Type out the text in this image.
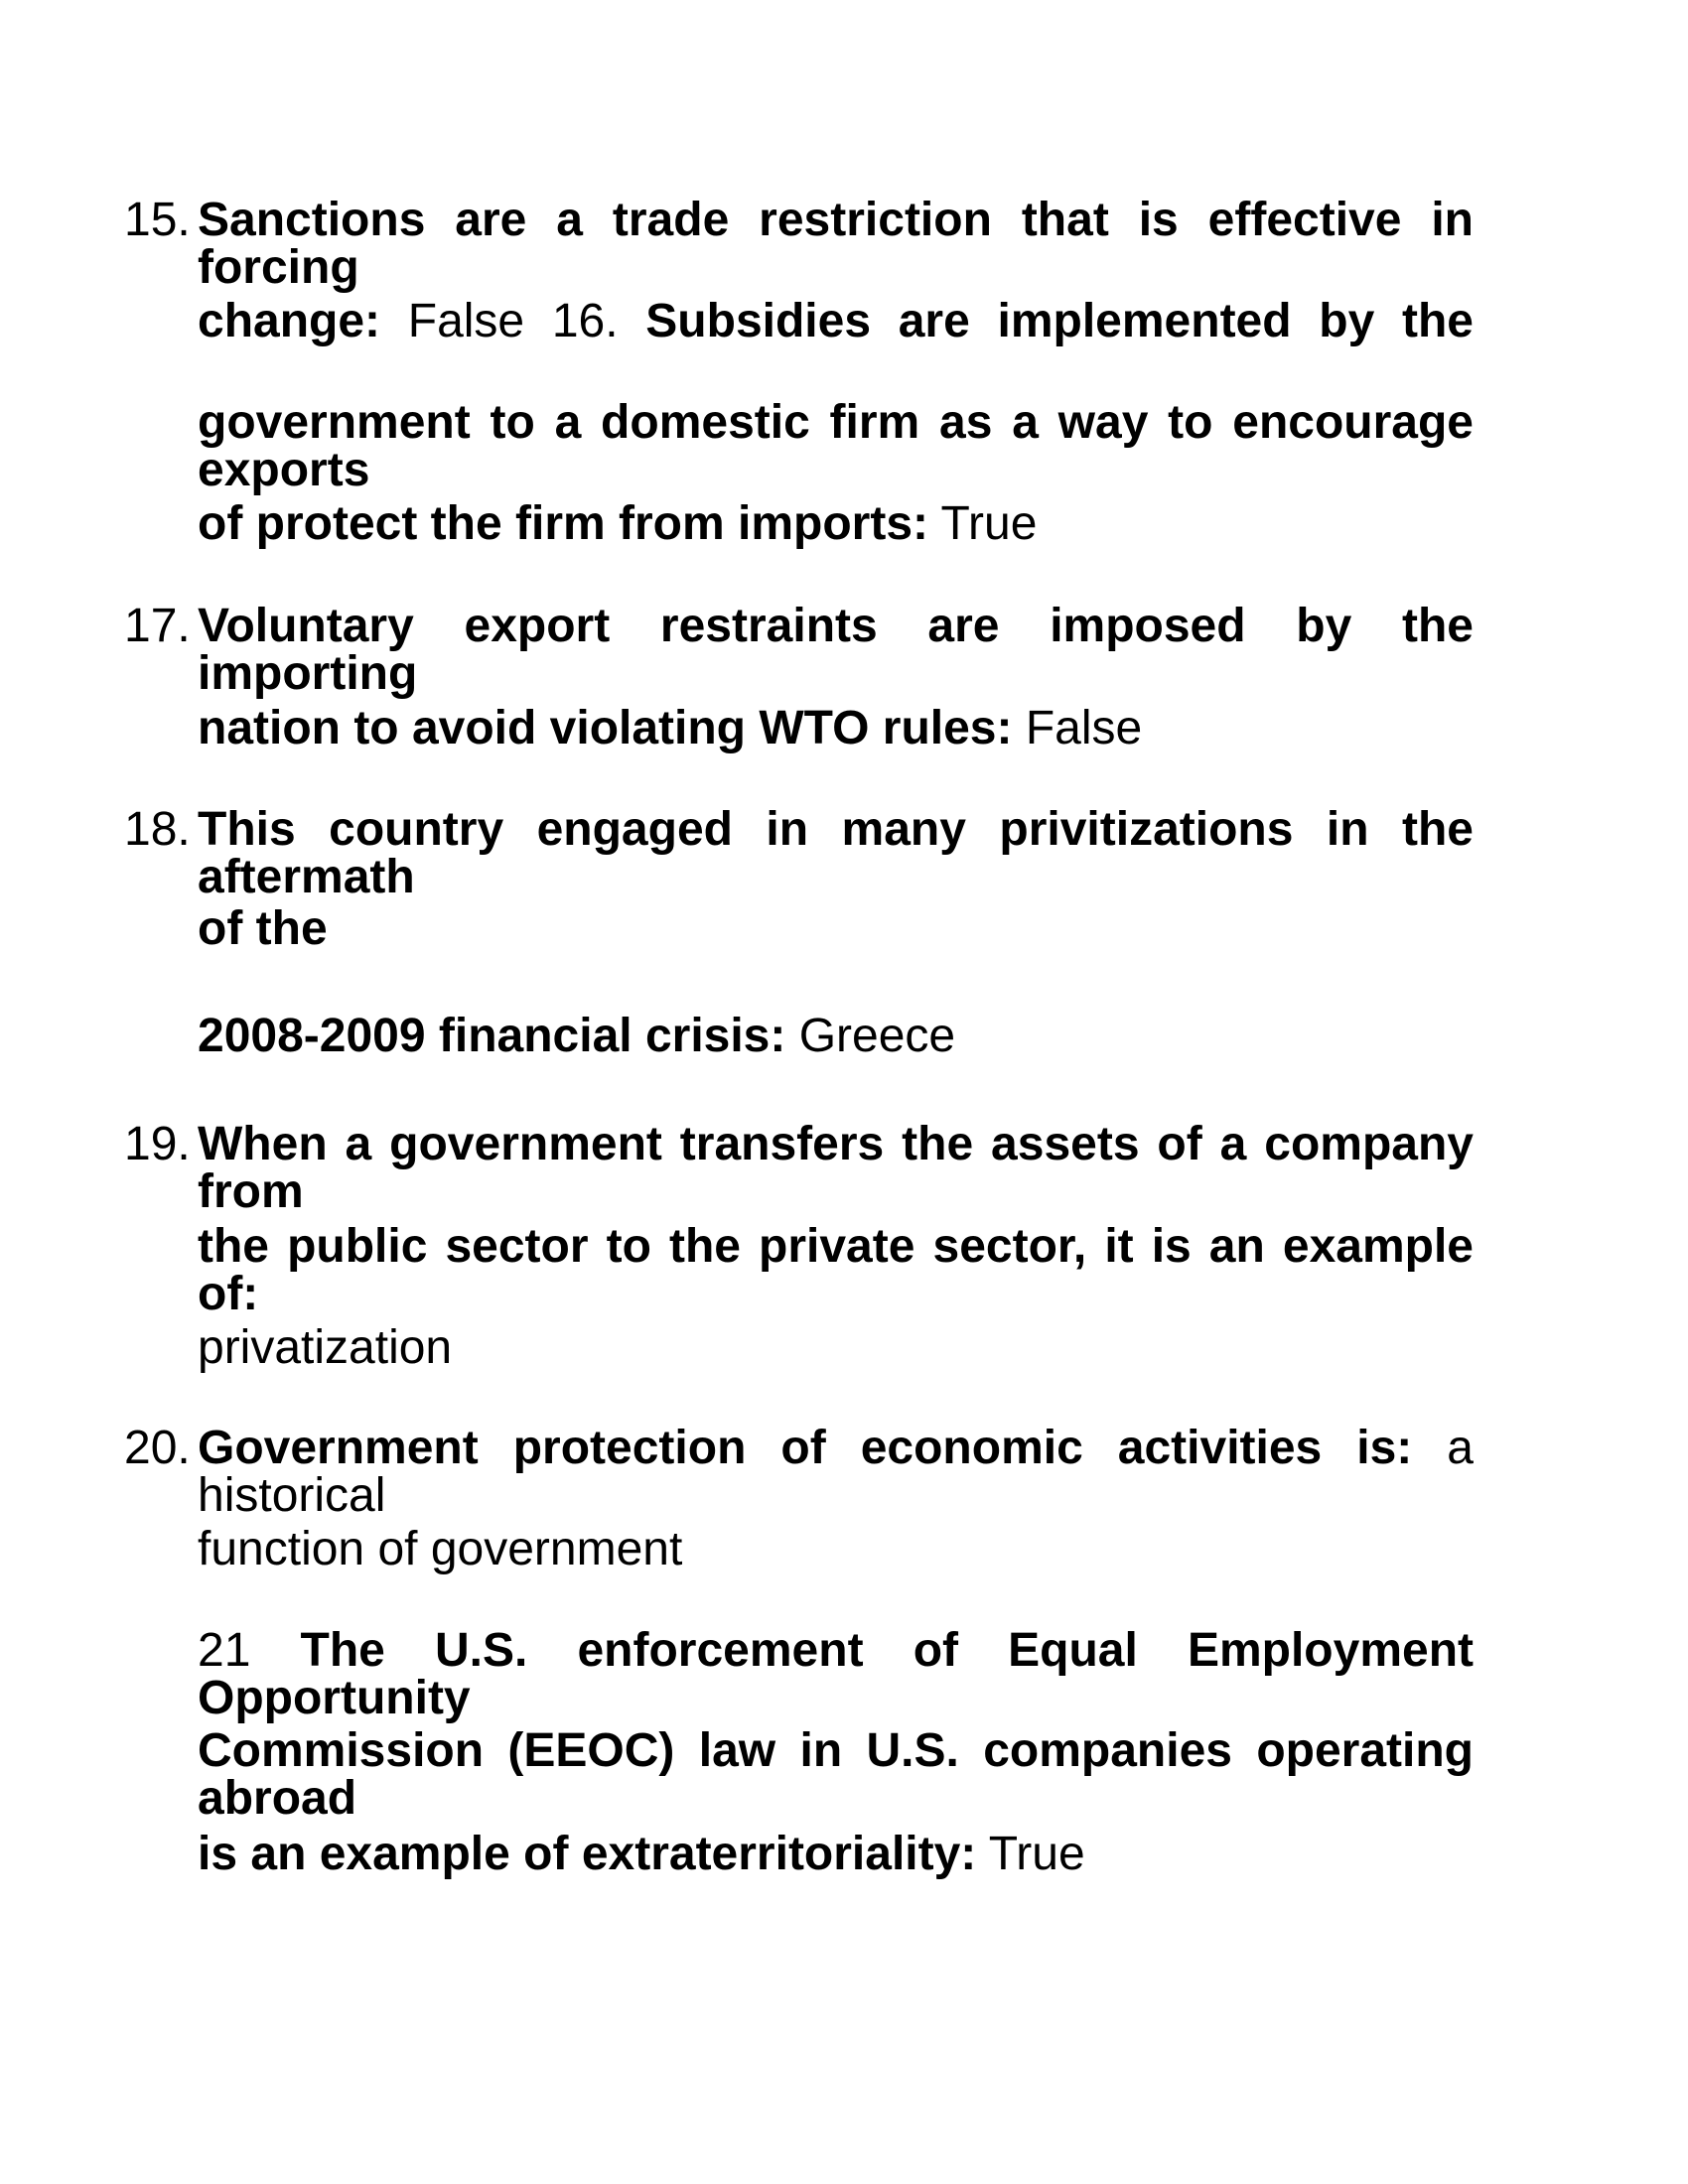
15. Sanctions are a trade restriction that is effective in forcing
change: False 16. Subsidies are implemented by the
government to a domestic firm as a way to encourage exports
of protect the firm from imports: True
17. Voluntary export restraints are imposed by the importing
nation to avoid violating WTO rules: False
18. This country engaged in many privitizations in the aftermath
of the
2008-2009 financial crisis: Greece
19. When a government transfers the assets of a company from
the public sector to the private sector, it is an example of:
privatization
20. Government protection of economic activities is: a historical
function of government
21 The U.S. enforcement of Equal Employment Opportunity
Commission (EEOC) law in U.S. companies operating abroad
is an example of extraterritoriality: True
